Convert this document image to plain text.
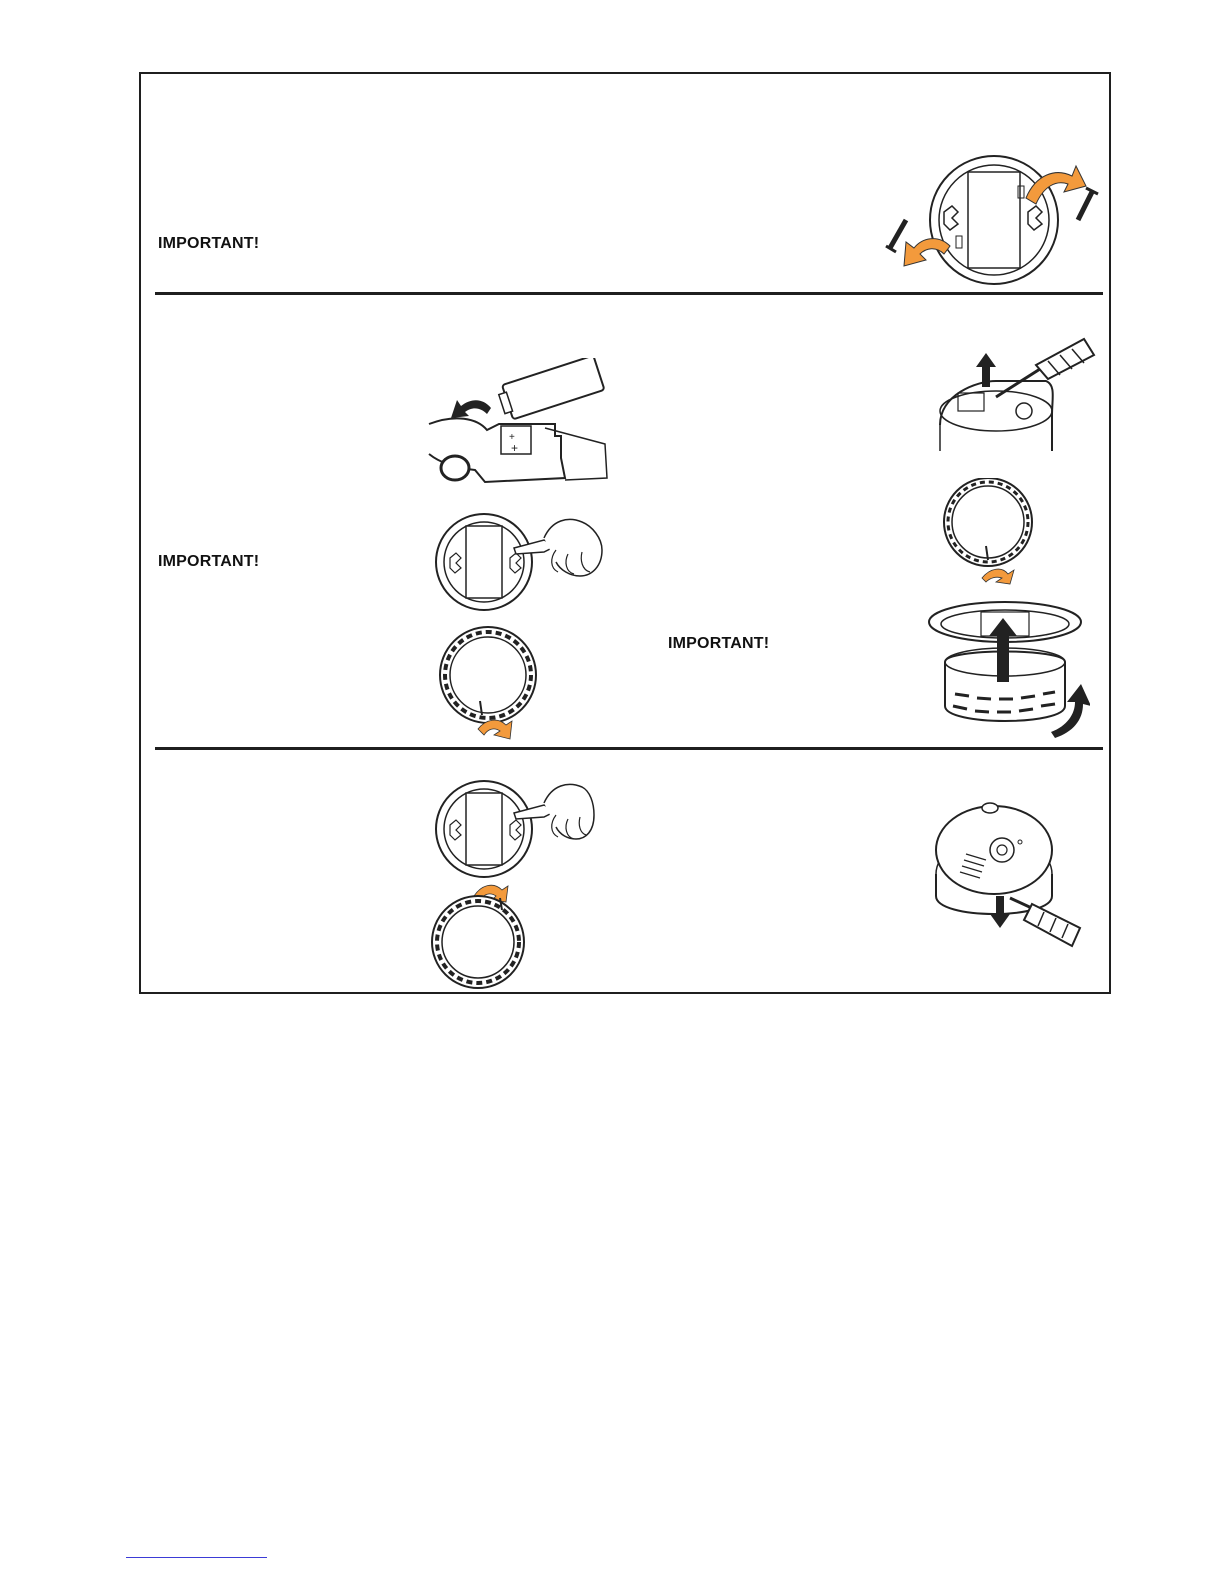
IMPORTANT!
IMPORTANT!
IMPORTANT!
+
+
